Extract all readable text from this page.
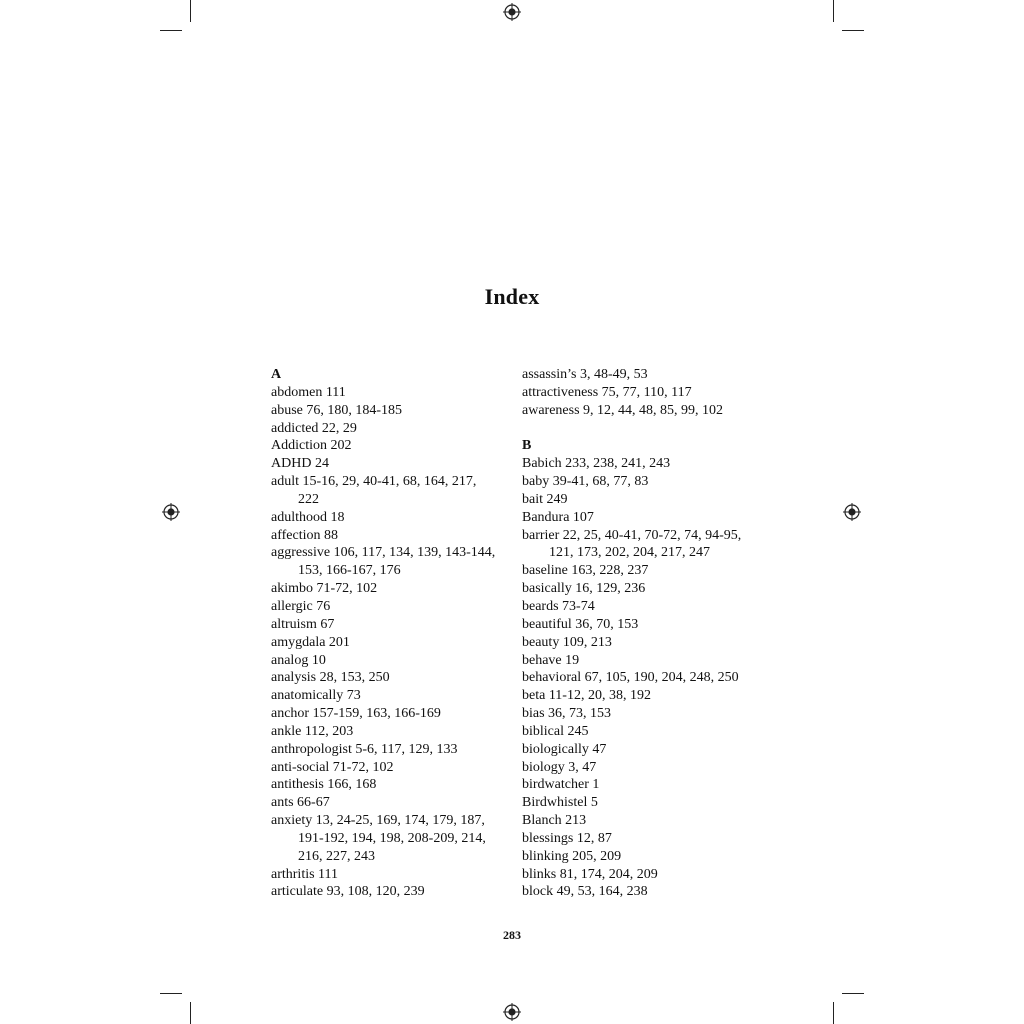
Index
A
abdomen 111
abuse 76, 180, 184-185
addicted 22, 29
Addiction 202
ADHD 24
adult 15-16, 29, 40-41, 68, 164, 217,
222
adulthood 18
affection 88
aggressive 106, 117, 134, 139, 143-144,
153, 166-167, 176
akimbo 71-72, 102
allergic 76
altruism 67
amygdala 201
analog 10
analysis 28, 153, 250
anatomically 73
anchor 157-159, 163, 166-169
ankle 112, 203
anthropologist 5-6, 117, 129, 133
anti-social 71-72, 102
antithesis 166, 168
ants 66-67
anxiety 13, 24-25, 169, 174, 179, 187,
191-192, 194, 198, 208-209, 214,
216, 227, 243
arthritis 111
articulate 93, 108, 120, 239
assassin’s 3, 48-49, 53
attractiveness 75, 77, 110, 117
awareness 9, 12, 44, 48, 85, 99, 102
B
Babich 233, 238, 241, 243
baby 39-41, 68, 77, 83
bait 249
Bandura 107
barrier 22, 25, 40-41, 70-72, 74, 94-95,
121, 173, 202, 204, 217, 247
baseline 163, 228, 237
basically 16, 129, 236
beards 73-74
beautiful 36, 70, 153
beauty 109, 213
behave 19
behavioral 67, 105, 190, 204, 248, 250
beta 11-12, 20, 38, 192
bias 36, 73, 153
biblical 245
biologically 47
biology 3, 47
birdwatcher 1
Birdwhistel 5
Blanch 213
blessings 12, 87
blinking 205, 209
blinks 81, 174, 204, 209
block 49, 53, 164, 238
283
